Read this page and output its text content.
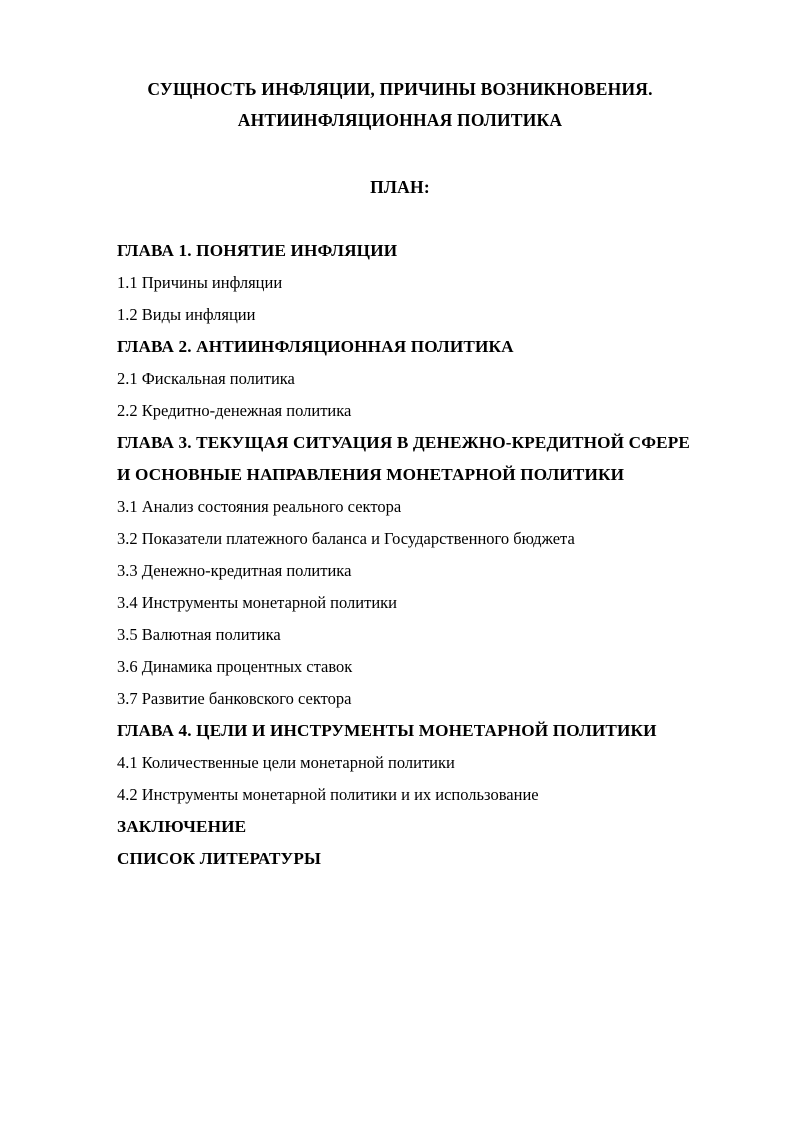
СУЩНОСТЬ ИНФЛЯЦИИ, ПРИЧИНЫ ВОЗНИКНОВЕНИЯ.
АНТИИНФЛЯЦИОННАЯ ПОЛИТИКА
ПЛАН:
ГЛАВА 1. ПОНЯТИЕ ИНФЛЯЦИИ
1.1 Причины инфляции
1.2 Виды инфляции
ГЛАВА 2. АНТИИНФЛЯЦИОННАЯ ПОЛИТИКА
2.1 Фискальная политика
2.2 Кредитно-денежная политика
ГЛАВА 3. ТЕКУЩАЯ СИТУАЦИЯ В ДЕНЕЖНО-КРЕДИТНОЙ СФЕРЕ
И ОСНОВНЫЕ НАПРАВЛЕНИЯ МОНЕТАРНОЙ ПОЛИТИКИ
3.1 Анализ состояния реального сектора
3.2 Показатели платежного баланса и Государственного бюджета
3.3 Денежно-кредитная политика
3.4 Инструменты монетарной политики
3.5 Валютная политика
3.6 Динамика процентных ставок
3.7 Развитие банковского сектора
ГЛАВА 4. ЦЕЛИ И ИНСТРУМЕНТЫ МОНЕТАРНОЙ ПОЛИТИКИ
4.1 Количественные цели монетарной политики
4.2 Инструменты монетарной политики и их использование
ЗАКЛЮЧЕНИЕ
СПИСОК ЛИТЕРАТУРЫ
